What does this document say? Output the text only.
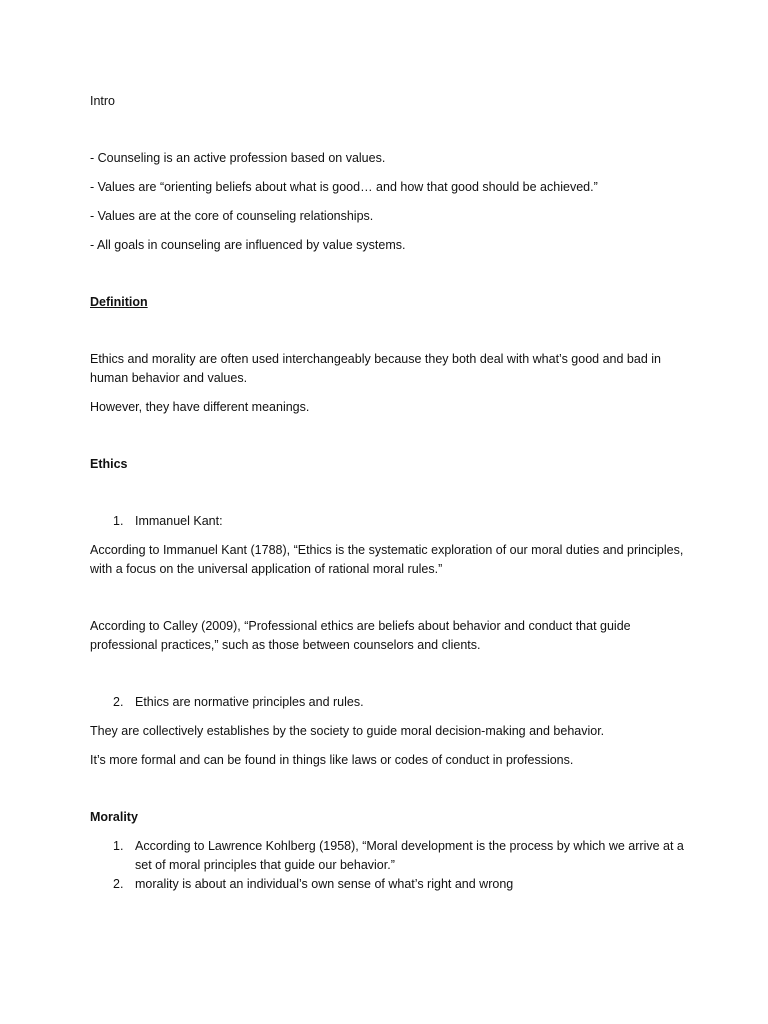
Intro

- Counseling is an active profession based on values.

- Values are “orienting beliefs about what is good… and how that good should be achieved.”

- Values are at the core of counseling relationships.

- All goals in counseling are influenced by value systems.

Definition

Ethics and morality are often used interchangeably because they both deal with what’s good and bad in human behavior and values.

However, they have different meanings.

Ethics

1. Immanuel Kant:

According to Immanuel Kant (1788), “Ethics is the systematic exploration of our moral duties and principles, with a focus on the universal application of rational moral rules.”

According to Calley (2009), “Professional ethics are beliefs about behavior and conduct that guide professional practices,” such as those between counselors and clients.

2. Ethics are normative principles and rules.

They are collectively establishes by the society to guide moral decision-making and behavior.

It’s more formal and can be found in things like laws or codes of conduct in professions.

Morality

1. According to Lawrence Kohlberg (1958), “Moral development is the process by which we arrive at a set of moral principles that guide our behavior.”
2. morality is about an individual’s own sense of what’s right and wrong
